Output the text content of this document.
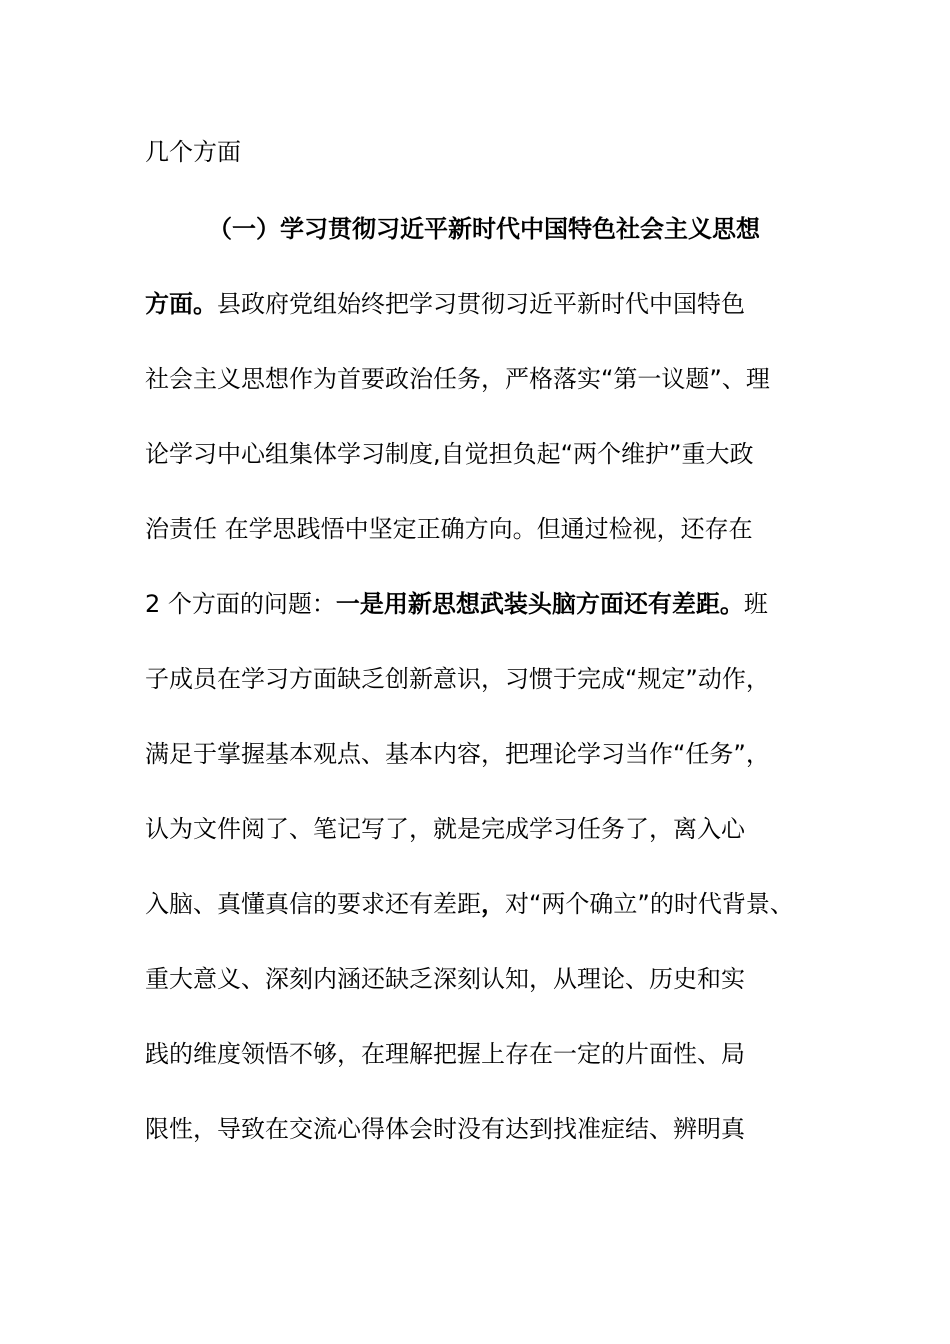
几个方面
（一）学习贯彻习近平新时代中国特色社会主义思想
方面。县政府党组始终把学习贯彻习近平新时代中国特色
社会主义思想作为首要政治任务，严格落实“第一议题”、理
论学习中心组集体学习制度,自觉担负起“两个维护”重大政
治责任 在学思践悟中坚定正确方向。但通过检视，还存在
2 个方面的问题：一是用新思想武装头脑方面还有差距。班
子成员在学习方面缺乏创新意识，习惯于完成“规定”动作，
满足于掌握基本观点、基本内容，把理论学习当作“任务”，
认为文件阅了、笔记写了，就是完成学习任务了，离入心
入脑、真懂真信的要求还有差距，对“两个确立”的时代背景、
重大意义、深刻内涵还缺乏深刻认知，从理论、历史和实
践的维度领悟不够，在理解把握上存在一定的片面性、局
限性，导致在交流心得体会时没有达到找准症结、辨明真
